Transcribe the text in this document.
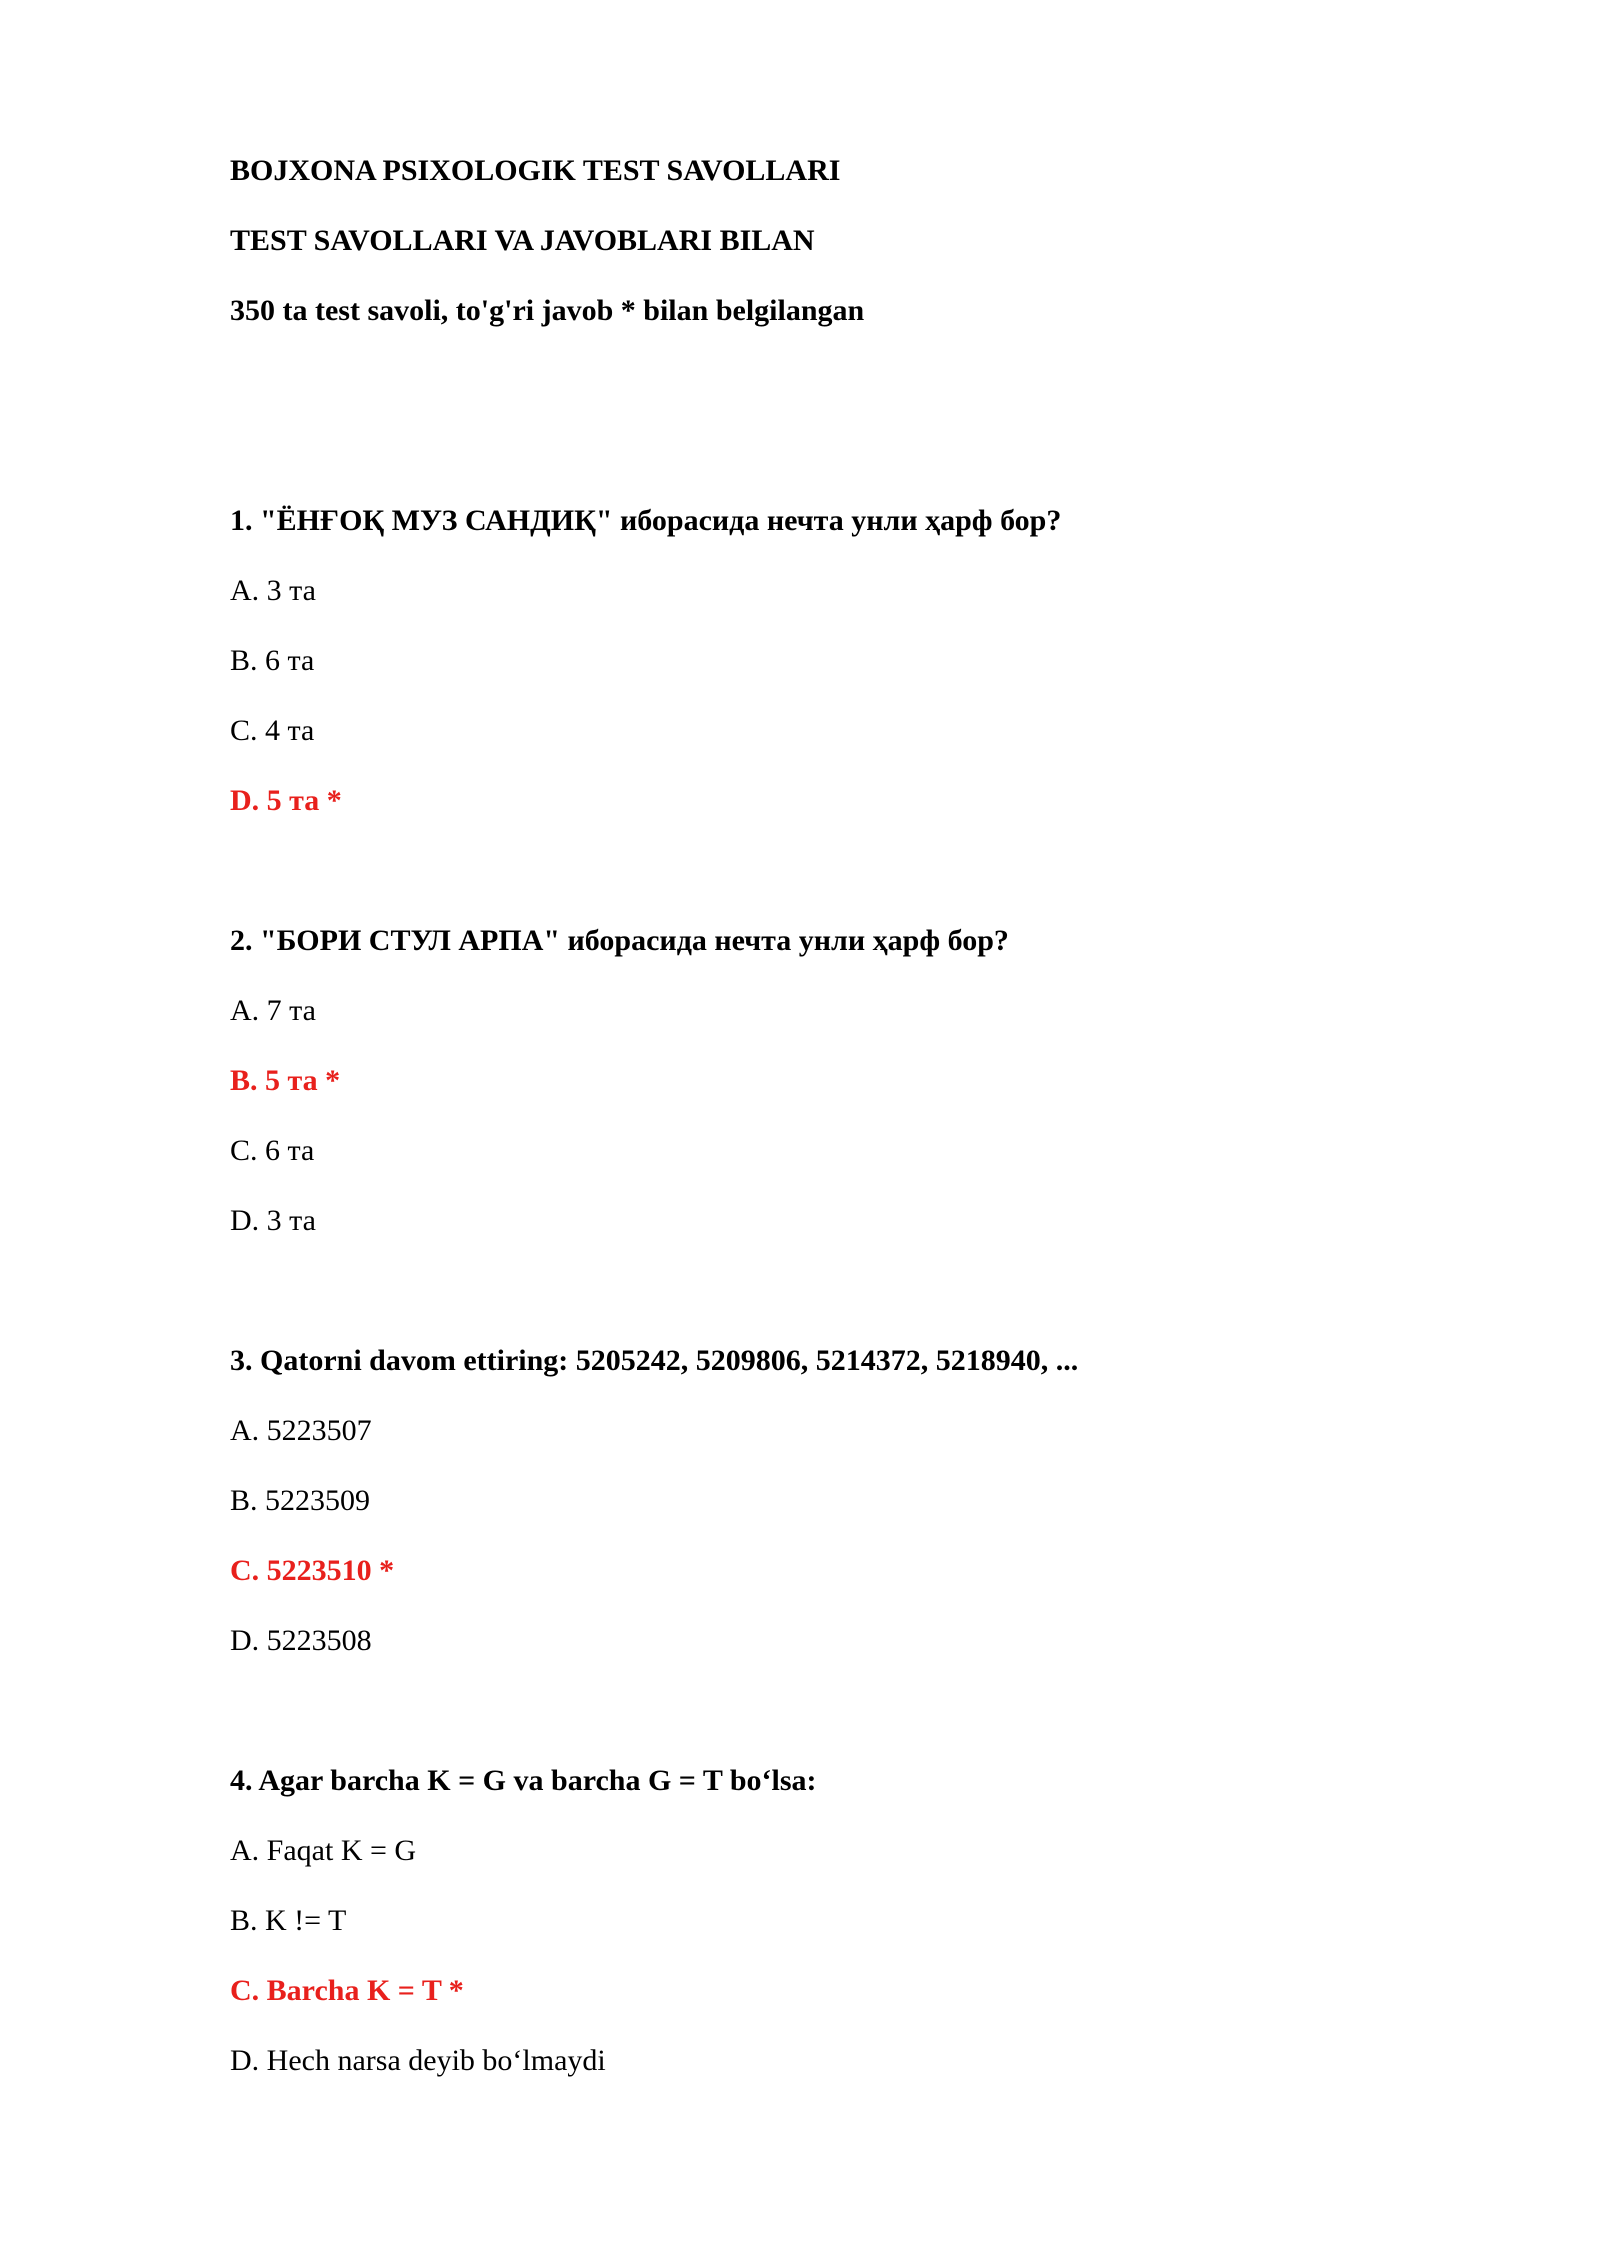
BOJXONA PSIXOLOGIK TEST SAVOLLARI
TEST SAVOLLARI VA JAVOBLARI BILAN
350 ta test savoli, to'g'ri javob * bilan belgilangan
1. "ЁНҒОҚ МУЗ САНДИҚ" иборасида нечта унли ҳарф бор?
A. 3 та
B. 6 та
C. 4 та
D. 5 та *
2. "БОРИ СТУЛ АРПА" иборасида нечта унли ҳарф бор?
A. 7 та
B. 5 та *
C. 6 та
D. 3 та
3. Qatorni davom ettiring: 5205242, 5209806, 5214372, 5218940, ...
A. 5223507
B. 5223509
C. 5223510 *
D. 5223508
4. Agar barcha K = G va barcha G = T bo‘lsa:
A. Faqat K = G
B. K != T
C. Barcha K = T *
D. Hech narsa deyib bo‘lmaydi
